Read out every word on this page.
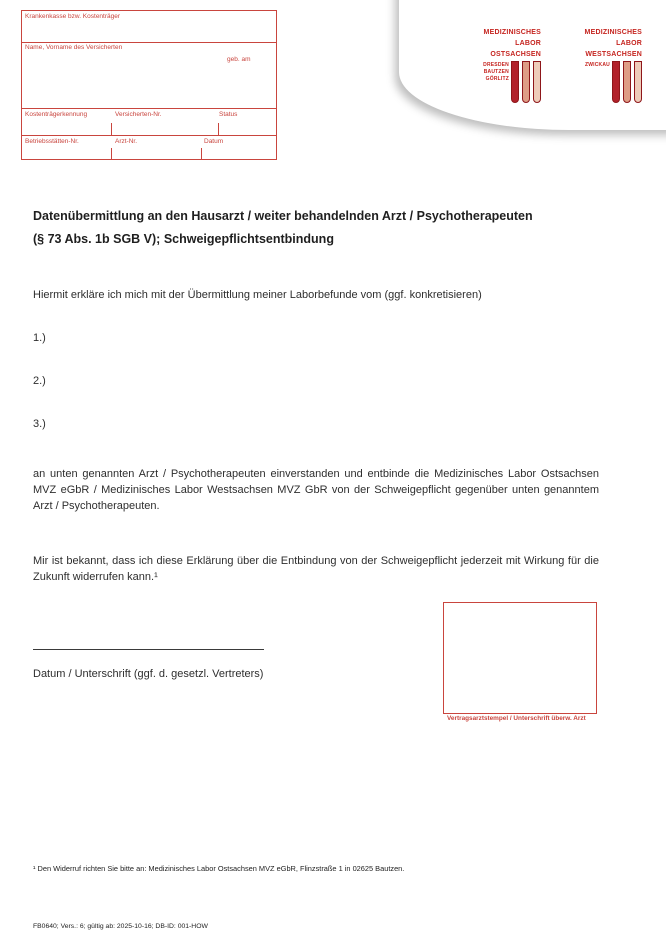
Krankenkasse bzw. Kostenträger
Name, Vorname des Versicherten
geb. am
Kostenträgerkennung	Versicherten-Nr.	Status
Betriebsstätten-Nr.	Arzt-Nr.	Datum
MEDIZINISCHES
LABOR
OSTSACHSEN
DRESDEN
BAUTZEN
GÖRLITZ
MEDIZINISCHES
LABOR
WESTSACHSEN
ZWICKAU
Datenübermittlung an den Hausarzt / weiter behandelnden Arzt / Psychotherapeuten
(§ 73 Abs. 1b SGB V); Schweigepflichtsentbindung

Hiermit erkläre ich mich mit der Übermittlung meiner Laborbefunde vom (ggf. konkretisieren)

1.)
2.)
3.)

an unten genannten Arzt / Psychotherapeuten einverstanden und entbinde die Medizinisches Labor Ostsachsen MVZ eGbR / Medizinisches Labor Westsachsen MVZ GbR von der Schweigepflicht gegenüber unten genanntem Arzt / Psychotherapeuten.

Mir ist bekannt, dass ich diese Erklärung über die Entbindung von der Schweigepflicht jederzeit mit Wirkung für die Zukunft widerrufen kann.¹

Datum / Unterschrift (ggf. d. gesetzl. Vertreters)
Vertragsarztstempel / Unterschrift überw. Arzt
¹ Den Widerruf richten Sie bitte an: Medizinisches Labor Ostsachsen MVZ eGbR, Flinzstraße 1 in 02625 Bautzen.
FB0640; Vers.: 6; gültig ab: 2025-10-16; DB-ID: 001-HOW
